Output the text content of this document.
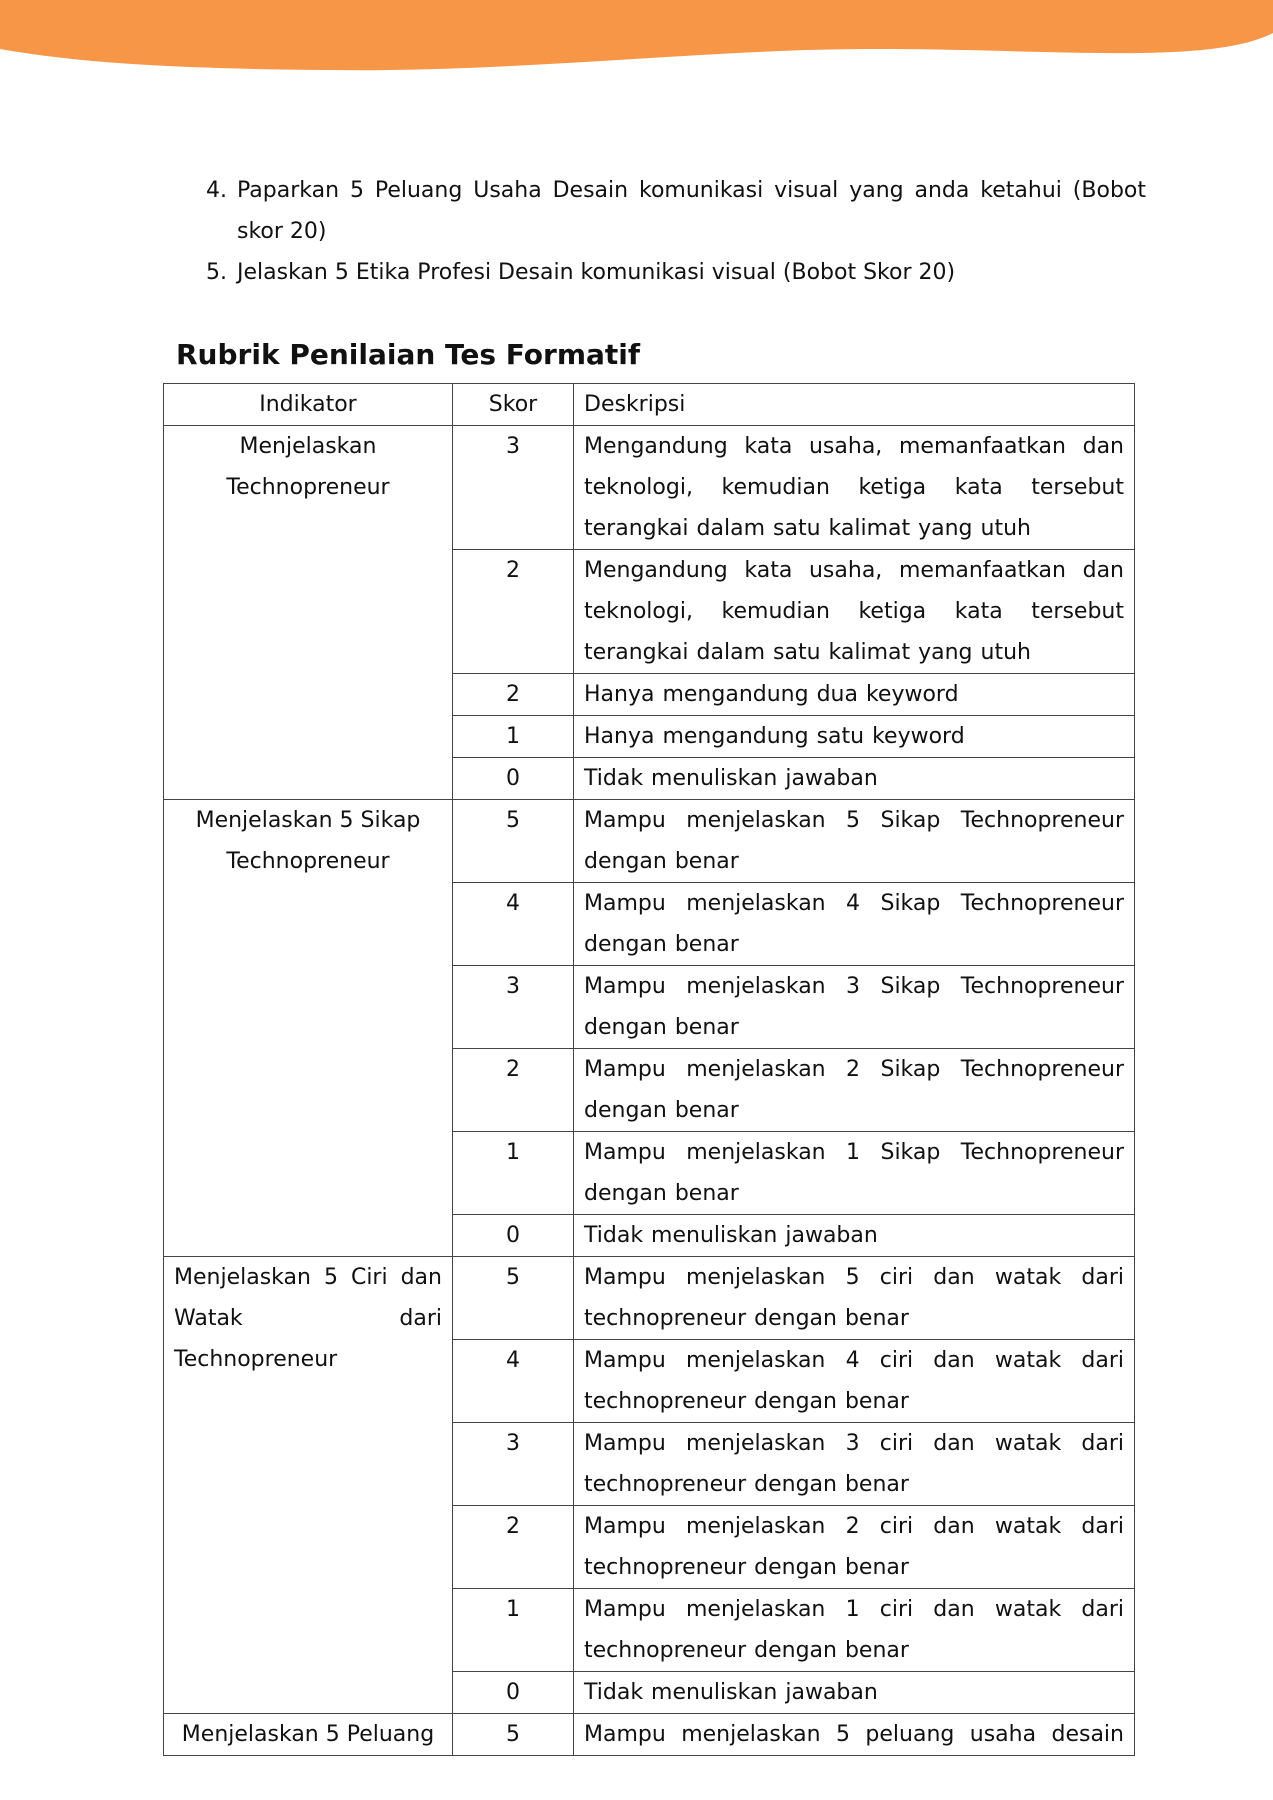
4. Paparkan 5 Peluang Usaha Desain komunikasi visual yang anda ketahui (Bobot skor 20)
5. Jelaskan 5 Etika Profesi Desain komunikasi visual (Bobot Skor 20)
Rubrik Penilaian Tes Formatif
Indikator	Skor	Deskripsi
Menjelaskan Technopreneur	3	Mengandung kata usaha, memanfaatkan dan teknologi, kemudian ketiga kata tersebut terangkai dalam satu kalimat yang utuh
	2	Mengandung kata usaha, memanfaatkan dan teknologi, kemudian ketiga kata tersebut terangkai dalam satu kalimat yang utuh
	2	Hanya mengandung dua keyword
	1	Hanya mengandung satu keyword
	0	Tidak menuliskan jawaban
Menjelaskan 5 Sikap Technopreneur	5	Mampu menjelaskan 5 Sikap Technopreneur dengan benar
	4	Mampu menjelaskan 4 Sikap Technopreneur dengan benar
	3	Mampu menjelaskan 3 Sikap Technopreneur dengan benar
	2	Mampu menjelaskan 2 Sikap Technopreneur dengan benar
	1	Mampu menjelaskan 1 Sikap Technopreneur dengan benar
	0	Tidak menuliskan jawaban
Menjelaskan 5 Ciri dan Watak dari Technopreneur	5	Mampu menjelaskan 5 ciri dan watak dari technopreneur dengan benar
	4	Mampu menjelaskan 4 ciri dan watak dari technopreneur dengan benar
	3	Mampu menjelaskan 3 ciri dan watak dari technopreneur dengan benar
	2	Mampu menjelaskan 2 ciri dan watak dari technopreneur dengan benar
	1	Mampu menjelaskan 1 ciri dan watak dari technopreneur dengan benar
	0	Tidak menuliskan jawaban
Menjelaskan 5 Peluang	5	Mampu menjelaskan 5 peluang usaha desain
